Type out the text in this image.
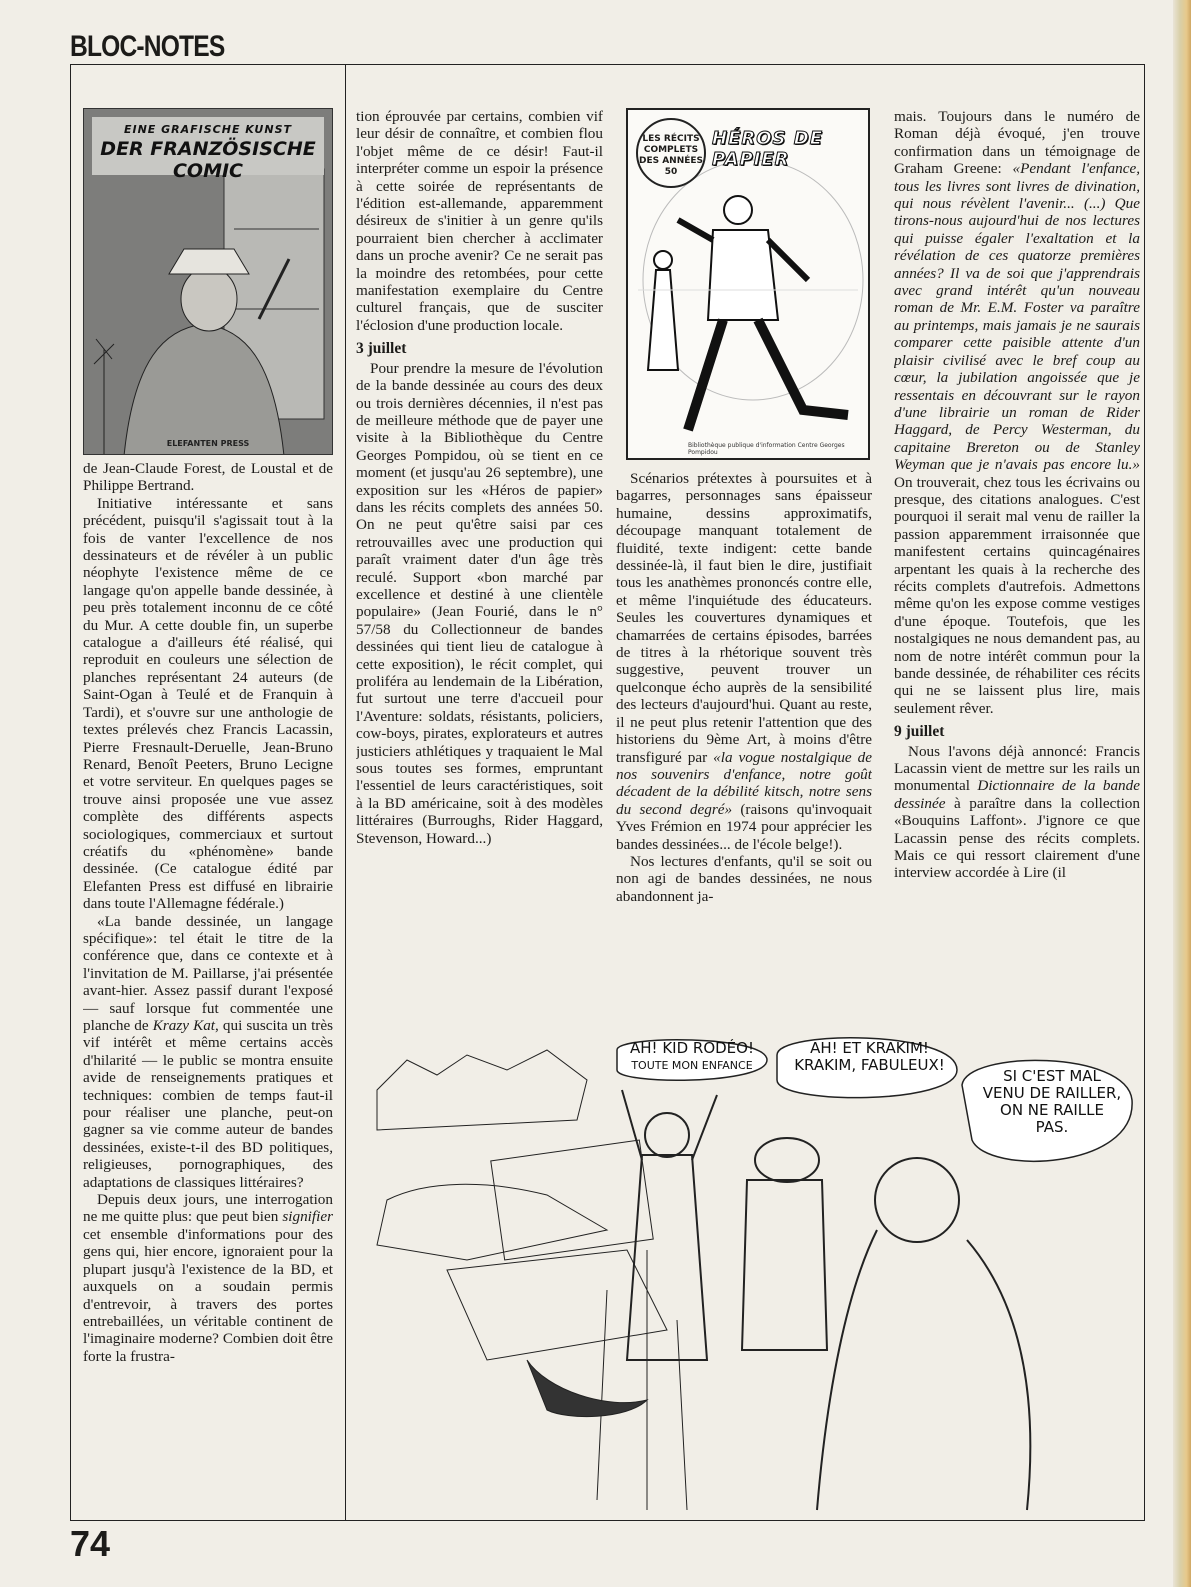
BLOC-NOTES
EINE GRAFISCHE KUNST
DER FRANZÖSISCHE COMIC
ELEFANTEN PRESS

de Jean-Claude Forest, de Loustal et de Philippe Bertrand.

Initiative intéressante et sans précédent, puisqu'il s'agissait tout à la fois de vanter l'excellence de nos dessinateurs et de révéler à un public néophyte l'existence même de ce langage qu'on appelle bande dessinée, à peu près totalement inconnu de ce côté du Mur. A cette double fin, un superbe catalogue a d'ailleurs été réalisé, qui reproduit en couleurs une sélection de planches représentant 24 auteurs (de Saint-Ogan à Teulé et de Franquin à Tardi), et s'ouvre sur une anthologie de textes prélevés chez Francis Lacassin, Pierre Fresnault-Deruelle, Jean-Bruno Renard, Benoît Peeters, Bruno Lecigne et votre serviteur. En quelques pages se trouve ainsi proposée une vue assez complète des différents aspects sociologiques, commerciaux et surtout créatifs du «phénomène» bande dessinée. (Ce catalogue édité par Elefanten Press est diffusé en librairie dans toute l'Allemagne fédérale.)

«La bande dessinée, un langage spécifique»: tel était le titre de la conférence que, dans ce contexte et à l'invitation de M. Paillarse, j'ai présentée avant-hier. Assez passif durant l'exposé — sauf lorsque fut commentée une planche de Krazy Kat, qui suscita un très vif intérêt et même certains accès d'hilarité — le public se montra ensuite avide de renseignements pratiques et techniques: combien de temps faut-il pour réaliser une planche, peut-on gagner sa vie comme auteur de bandes dessinées, existe-t-il des BD politiques, religieuses, pornographiques, des adaptations de classiques littéraires?

Depuis deux jours, une interrogation ne me quitte plus: que peut bien signifier cet ensemble d'informations pour des gens qui, hier encore, ignoraient pour la plupart jusqu'à l'existence de la BD, et auxquels on a soudain permis d'entrevoir, à travers des portes entrebaillées, un véritable continent de l'imaginaire moderne? Combien doit être forte la frustra-

tion éprouvée par certains, combien vif leur désir de connaître, et combien flou l'objet même de ce désir! Faut-il interpréter comme un espoir la présence à cette soirée de représentants de l'édition est-allemande, apparemment désireux de s'initier à un genre qu'ils pourraient bien chercher à acclimater dans un proche avenir? Ce ne serait pas la moindre des retombées, pour cette manifestation exemplaire du Centre culturel français, que de susciter l'éclosion d'une production locale.

3 juillet

Pour prendre la mesure de l'évolution de la bande dessinée au cours des deux ou trois dernières décennies, il n'est pas de meilleure méthode que de payer une visite à la Bibliothèque du Centre Georges Pompidou, où se tient en ce moment (et jusqu'au 26 septembre), une exposition sur les «Héros de papier» dans les récits complets des années 50. On ne peut qu'être saisi par ces retrouvailles avec une production qui paraît vraiment dater d'un âge très reculé. Support «bon marché par excellence et destiné à une clientèle populaire» (Jean Fourié, dans le n° 57/58 du Collectionneur de bandes dessinées qui tient lieu de catalogue à cette exposition), le récit complet, qui proliféra au lendemain de la Libération, fut surtout une terre d'accueil pour l'Aventure: soldats, résistants, policiers, cow-boys, pirates, explorateurs et autres justiciers athlétiques y traquaient le Mal sous toutes ses formes, empruntant l'essentiel de leurs caractéristiques, soit à la BD américaine, soit à des modèles littéraires (Burroughs, Rider Haggard, Stevenson, Howard...)

LES RÉCITS COMPLETS DES ANNÉES 50
HÉROS DE PAPIER
Bibliothèque publique d'information Centre Georges Pompidou

Scénarios prétextes à poursuites et à bagarres, personnages sans épaisseur humaine, dessins approximatifs, découpage manquant totalement de fluidité, texte indigent: cette bande dessinée-là, il faut bien le dire, justifiait tous les anathèmes prononcés contre elle, et même l'inquiétude des éducateurs. Seules les couvertures dynamiques et chamarrées de certains épisodes, barrées de titres à la rhétorique souvent très suggestive, peuvent trouver un quelconque écho auprès de la sensibilité des lecteurs d'aujourd'hui. Quant au reste, il ne peut plus retenir l'attention que des historiens du 9ème Art, à moins d'être transfiguré par «la vogue nostalgique de nos souvenirs d'enfance, notre goût décadent de la débilité kitsch, notre sens du second degré» (raisons qu'invoquait Yves Frémion en 1974 pour apprécier les bandes dessinées... de l'école belge!).

Nos lectures d'enfants, qu'il se soit ou non agi de bandes dessinées, ne nous abandonnent ja-

mais. Toujours dans le numéro de Roman déjà évoqué, j'en trouve confirmation dans un témoignage de Graham Greene: «Pendant l'enfance, tous les livres sont livres de divination, qui nous révèlent l'avenir... (...) Que tirons-nous aujourd'hui de nos lectures qui puisse égaler l'exaltation et la révélation de ces quatorze premières années? Il va de soi que j'apprendrais avec grand intérêt qu'un nouveau roman de Mr. E.M. Foster va paraître au printemps, mais jamais je ne saurais comparer cette paisible attente d'un plaisir civilisé avec le bref coup au cœur, la jubilation angoissée que je ressentais en découvrant sur le rayon d'une librairie un roman de Rider Haggard, de Percy Westerman, du capitaine Brereton ou de Stanley Weyman que je n'avais pas encore lu.» On trouverait, chez tous les écrivains ou presque, des citations analogues. C'est pourquoi il serait mal venu de railler la passion apparemment irraisonnée que manifestent certains quincagénaires arpentant les quais à la recherche des récits complets d'autrefois. Admettons même qu'on les expose comme vestiges d'une époque. Toutefois, que les nostalgiques ne nous demandent pas, au nom de notre intérêt commun pour la bande dessinée, de réhabiliter ces récits qui ne se laissent plus lire, mais seulement rêver.

9 juillet

Nous l'avons déjà annoncé: Francis Lacassin vient de mettre sur les rails un monumental Dictionnaire de la bande dessinée à paraître dans la collection «Bouquins Laffont». J'ignore ce que Lacassin pense des récits complets. Mais ce qui ressort clairement d'une interview accordée à Lire (il

AH! KID RODÉO!
TOUTE MON ENFANCE
AH! ET KRAKIM! KRAKIM, FABULEUX!
SI C'EST MAL VENU DE RAILLER, ON NE RAILLE PAS.
74
